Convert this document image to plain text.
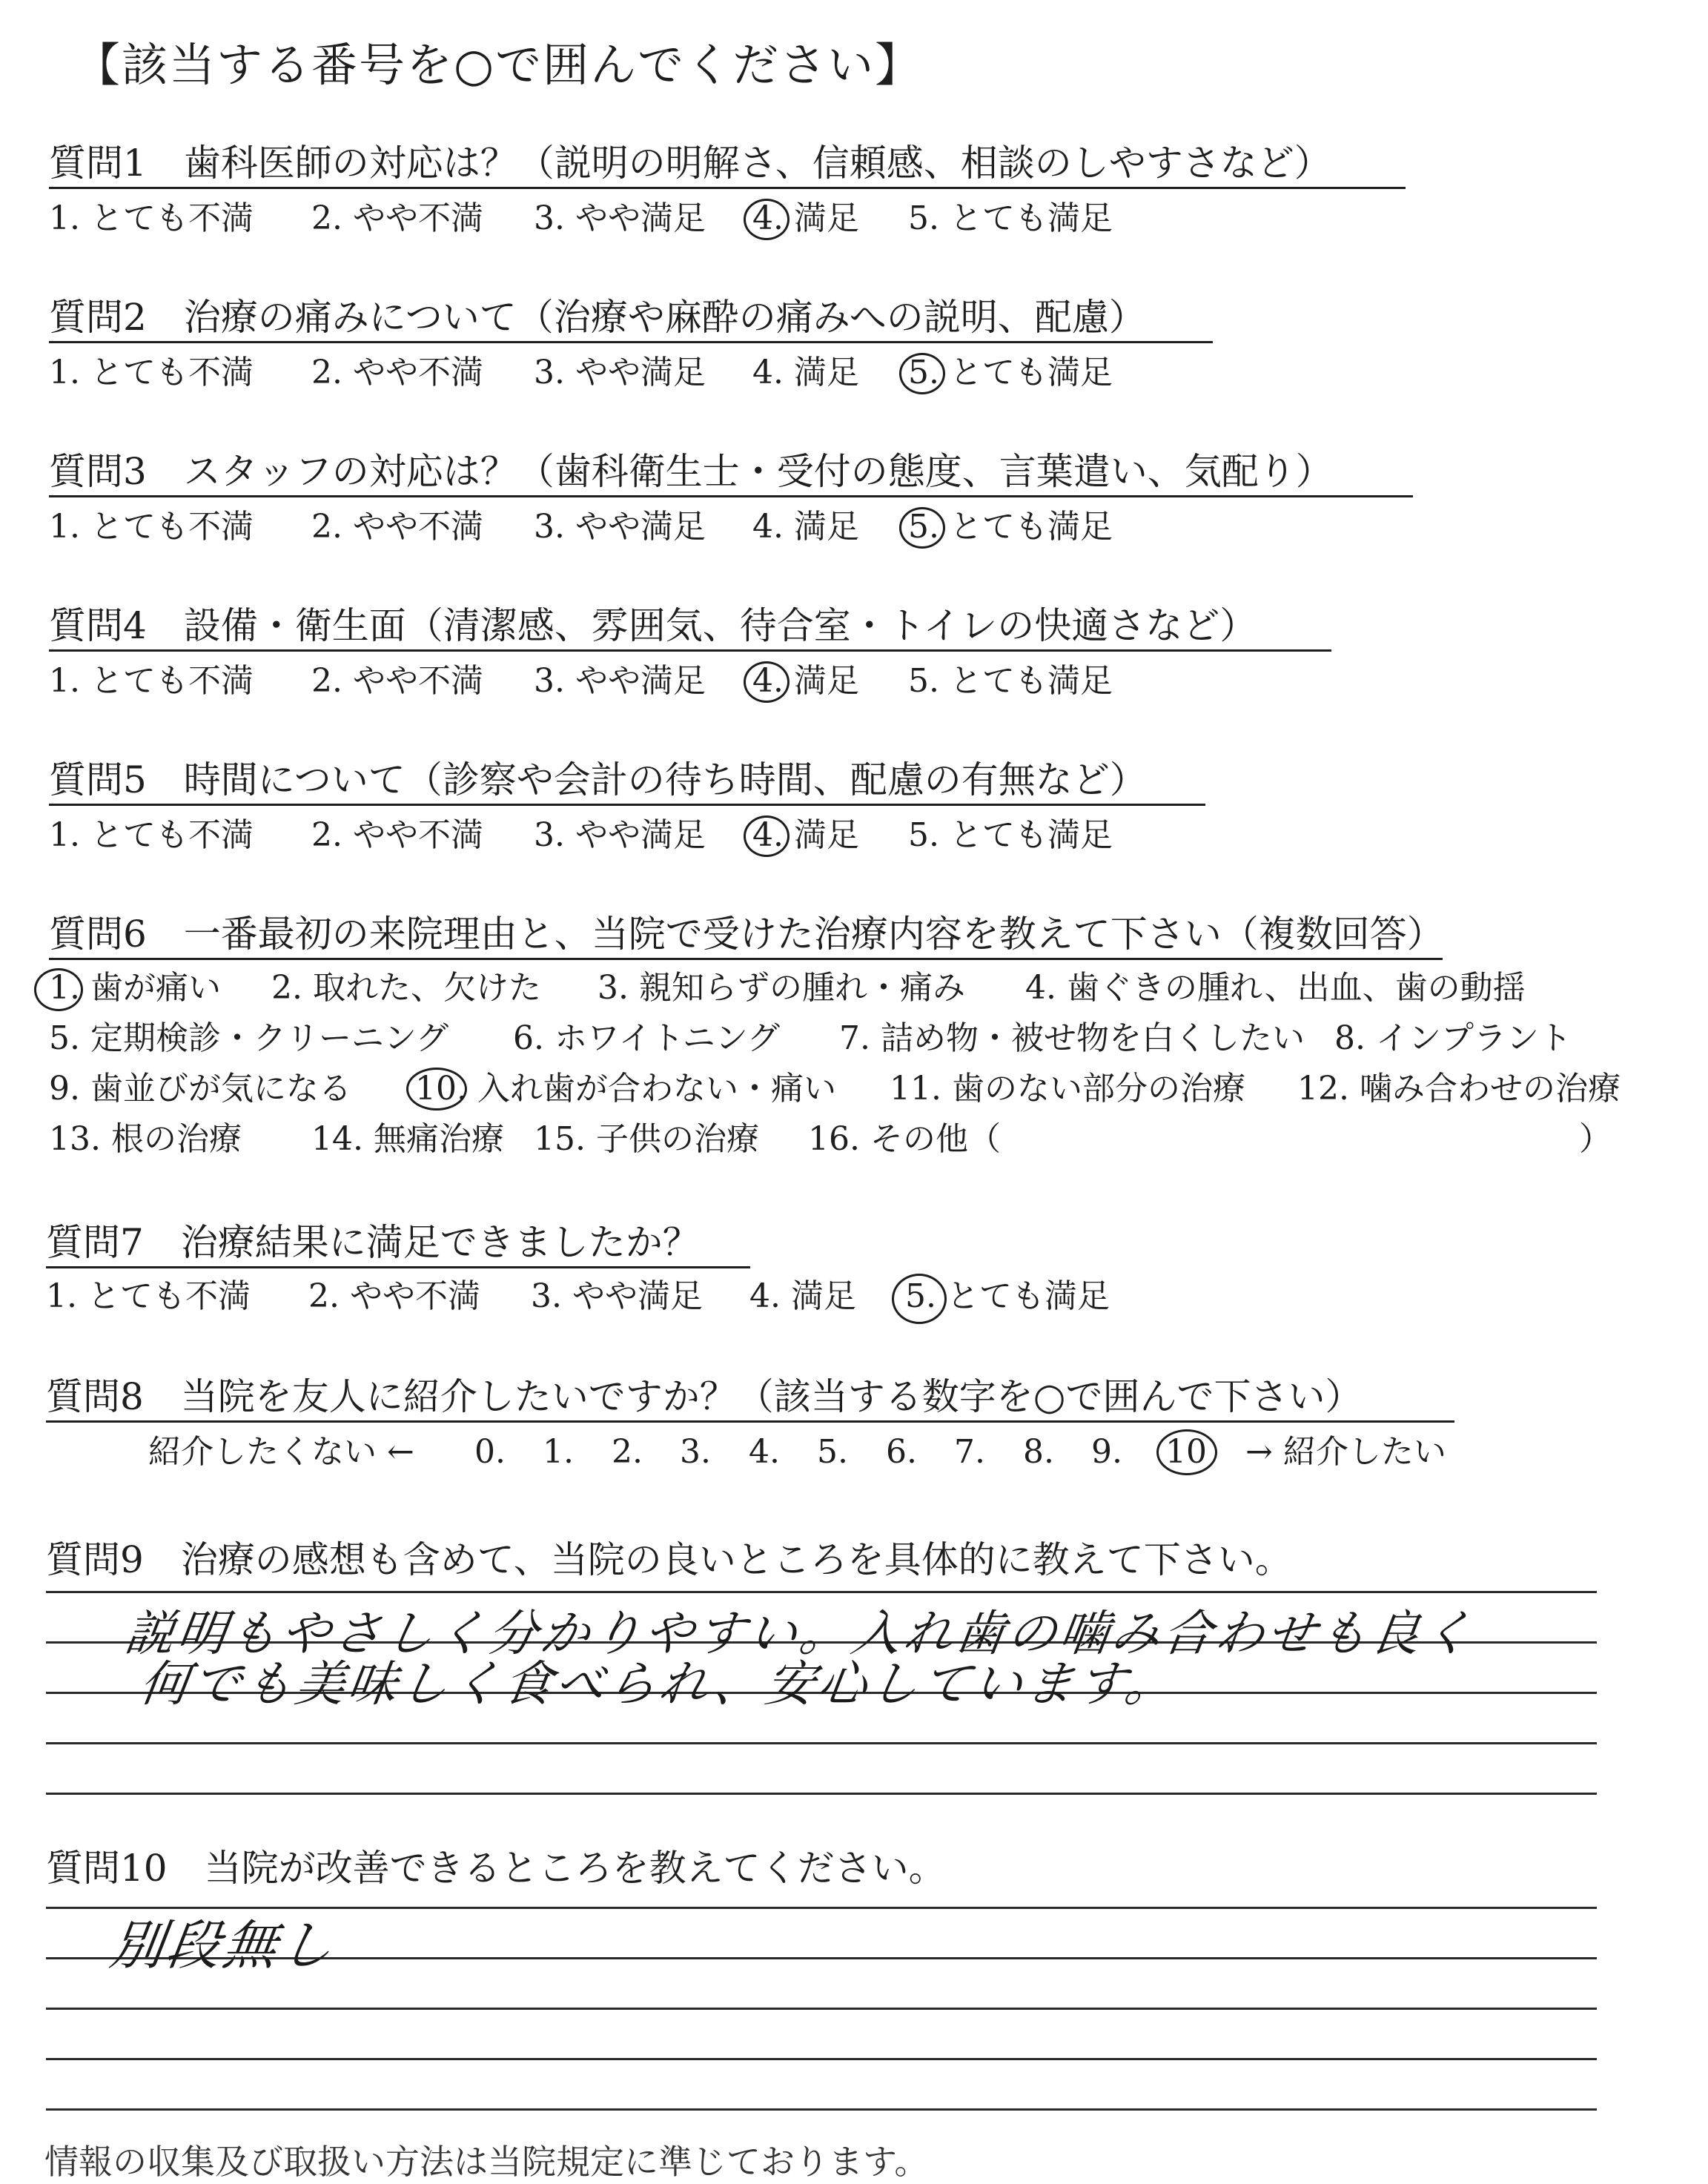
【該当する番号を○で囲んでください】
質問1　歯科医師の対応は？（説明の明解さ、信頼感、相談のしやすさなど）
1. とても不満 2. やや不満 3. やや満足 4. 満足 5. とても満足
質問2　治療の痛みについて（治療や麻酔の痛みへの説明、配慮）
1. とても不満 2. やや不満 3. やや満足 4. 満足 5. とても満足
質問3　スタッフの対応は？（歯科衛生士・受付の態度、言葉遣い、気配り）
1. とても不満 2. やや不満 3. やや満足 4. 満足 5. とても満足
質問4　設備・衛生面（清潔感、雰囲気、待合室・トイレの快適さなど）
1. とても不満 2. やや不満 3. やや満足 4. 満足 5. とても満足
質問5　時間について（診察や会計の待ち時間、配慮の有無など）
1. とても不満 2. やや不満 3. やや満足 4. 満足 5. とても満足
質問6　一番最初の来院理由と、当院で受けた治療内容を教えて下さい（複数回答）
1. 歯が痛い 2. 取れた、欠けた 3. 親知らずの腫れ・痛み 4. 歯ぐきの腫れ、出血、歯の動揺
5. 定期検診・クリーニング 6. ホワイトニング 7. 詰め物・被せ物を白くしたい 8. インプラント
9. 歯並びが気になる 10. 入れ歯が合わない・痛い 11. 歯のない部分の治療 12. 噛み合わせの治療
13. 根の治療 14. 無痛治療 15. 子供の治療 16. その他（	）
質問7　治療結果に満足できましたか？
1. とても不満 2. やや不満 3. やや満足 4. 満足 5. とても満足
質問8　当院を友人に紹介したいですか？（該当する数字を○で囲んで下さい）
紹介したくない ← 0. 1. 2. 3. 4. 5. 6. 7. 8. 9. 10 → 紹介したい
質問9　治療の感想も含めて、当院の良いところを具体的に教えて下さい。
説明もやさしく分かりやすい。入れ歯の噛み合わせも良く
何でも美味しく食べられ、安心しています。
質問10　当院が改善できるところを教えてください。
別段無し
情報の収集及び取扱い方法は当院規定に準じております。
